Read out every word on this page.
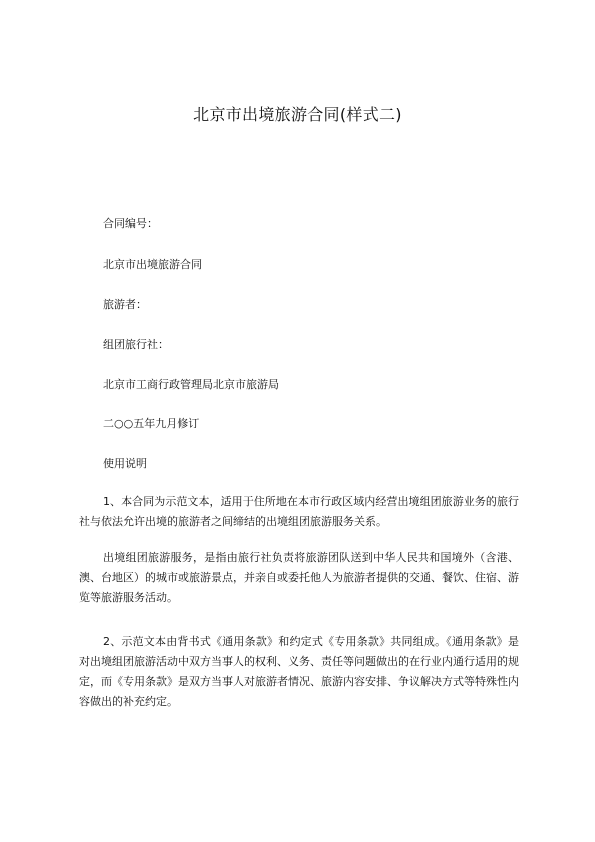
北京市出境旅游合同(样式二)
合同编号：
北京市出境旅游合同
旅游者：
组团旅行社：
北京市工商行政管理局北京市旅游局
二○○五年九月修订
使用说明
1、本合同为示范文本，适用于住所地在本市行政区域内经营出境组团旅游业务的旅行社与依法允许出境的旅游者之间缔结的出境组团旅游服务关系。
出境组团旅游服务，是指由旅行社负责将旅游团队送到中华人民共和国境外（含港、澳、台地区）的城市或旅游景点，并亲自或委托他人为旅游者提供的交通、餐饮、住宿、游览等旅游服务活动。
2、示范文本由背书式《通用条款》和约定式《专用条款》共同组成。《通用条款》是对出境组团旅游活动中双方当事人的权利、义务、责任等问题做出的在行业内通行适用的规定，而《专用条款》是双方当事人对旅游者情况、旅游内容安排、争议解决方式等特殊性内容做出的补充约定。
